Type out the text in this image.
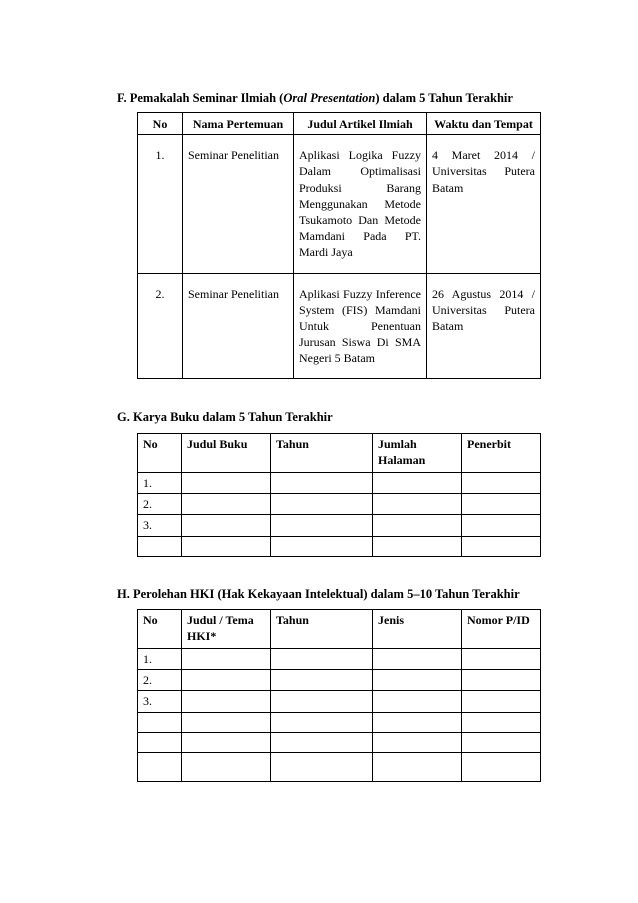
F. Pemakalah Seminar Ilmiah (Oral Presentation) dalam 5 Tahun Terakhir
No	Nama Pertemuan	Judul Artikel Ilmiah	Waktu dan Tempat
1.	Seminar Penelitian	Aplikasi Logika Fuzzy Dalam Optimalisasi Produksi Barang Menggunakan Metode Tsukamoto Dan Metode Mamdani Pada PT. Mardi Jaya	4 Maret 2014 / Universitas Putera Batam
2.	Seminar Penelitian	Aplikasi Fuzzy Inference System (FIS) Mamdani Untuk Penentuan Jurusan Siswa Di SMA Negeri 5 Batam	26 Agustus 2014 / Universitas Putera Batam
G. Karya Buku dalam 5 Tahun Terakhir
No	Judul Buku	Tahun	Jumlah Halaman	Penerbit
1.				
2.				
3.				

H. Perolehan HKI (Hak Kekayaan Intelektual) dalam 5–10 Tahun Terakhir
No	Judul / Tema HKI*	Tahun	Jenis	Nomor P/ID
1.				
2.				
3.				
